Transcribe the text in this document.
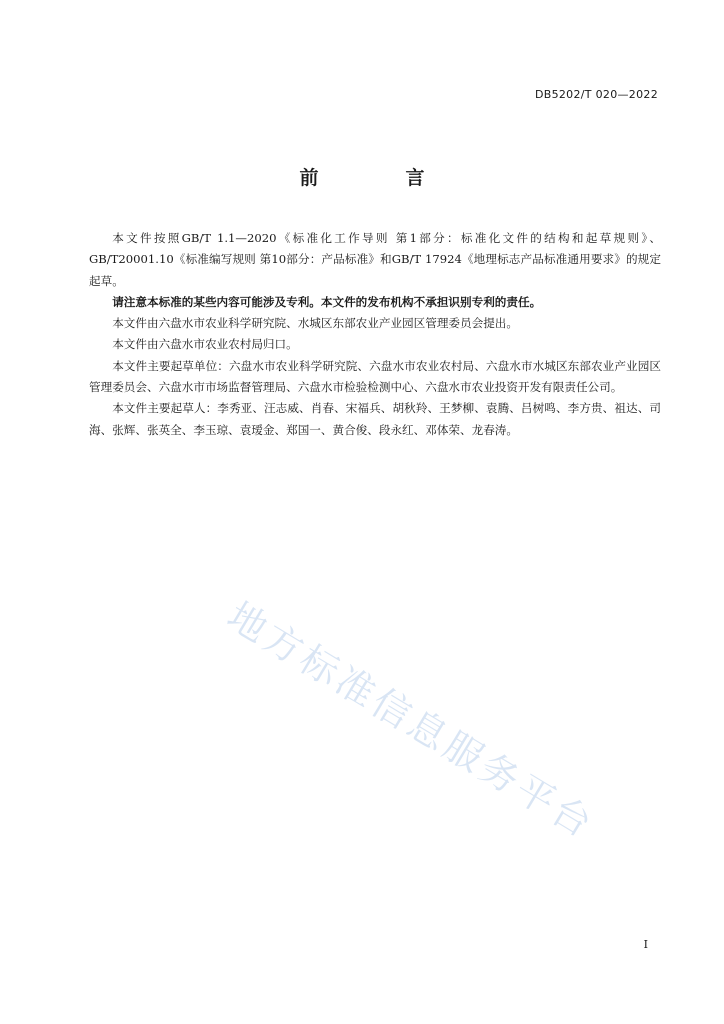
DB5202/T 020—2022
前　言

本文件按照GB/T 1.1—2020《标准化工作导则 第1部分：标准化文件的结构和起草规则》、GB/T20001.10《标准编写规则 第10部分：产品标准》和GB/T 17924《地理标志产品标准通用要求》的规定起草。

请注意本标准的某些内容可能涉及专利。本文件的发布机构不承担识别专利的责任。

本文件由六盘水市农业科学研究院、水城区东部农业产业园区管理委员会提出。

本文件由六盘水市农业农村局归口。

本文件主要起草单位：六盘水市农业科学研究院、六盘水市农业农村局、六盘水市水城区东部农业产业园区管理委员会、六盘水市市场监督管理局、六盘水市检验检测中心、六盘水市农业投资开发有限责任公司。

本文件主要起草人：李秀亚、汪志威、肖春、宋福兵、胡秋羚、王梦柳、袁腾、吕树鸣、李方贵、祖达、司海、张辉、张英全、李玉琼、袁瑷金、郑国一、黄合俊、段永红、邓体荣、龙春涛。

地方标准信息服务平台
I
